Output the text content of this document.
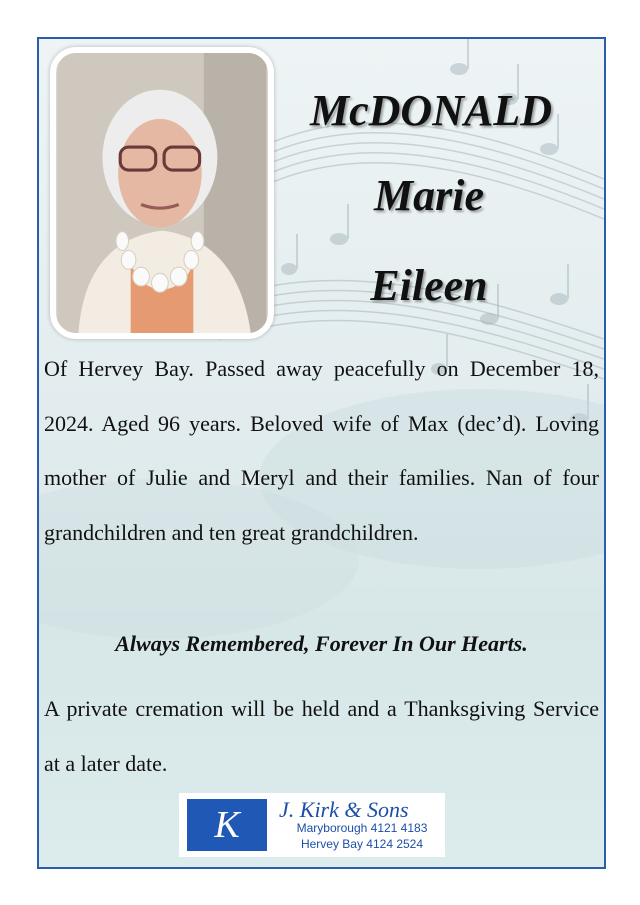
McDONALD
Marie
Eileen
Of Hervey Bay. Passed away peacefully on December 18, 2024. Aged 96 years. Beloved wife of Max (dec’d). Loving mother of Julie and Meryl and their families. Nan of four grandchildren and ten great grandchildren.
Always Remembered, Forever In Our Hearts.
A private cremation will be held and a Thanksgiving Service at a later date.
K J. Kirk & Sons
Maryborough 4121 4183
Hervey Bay 4124 2524
